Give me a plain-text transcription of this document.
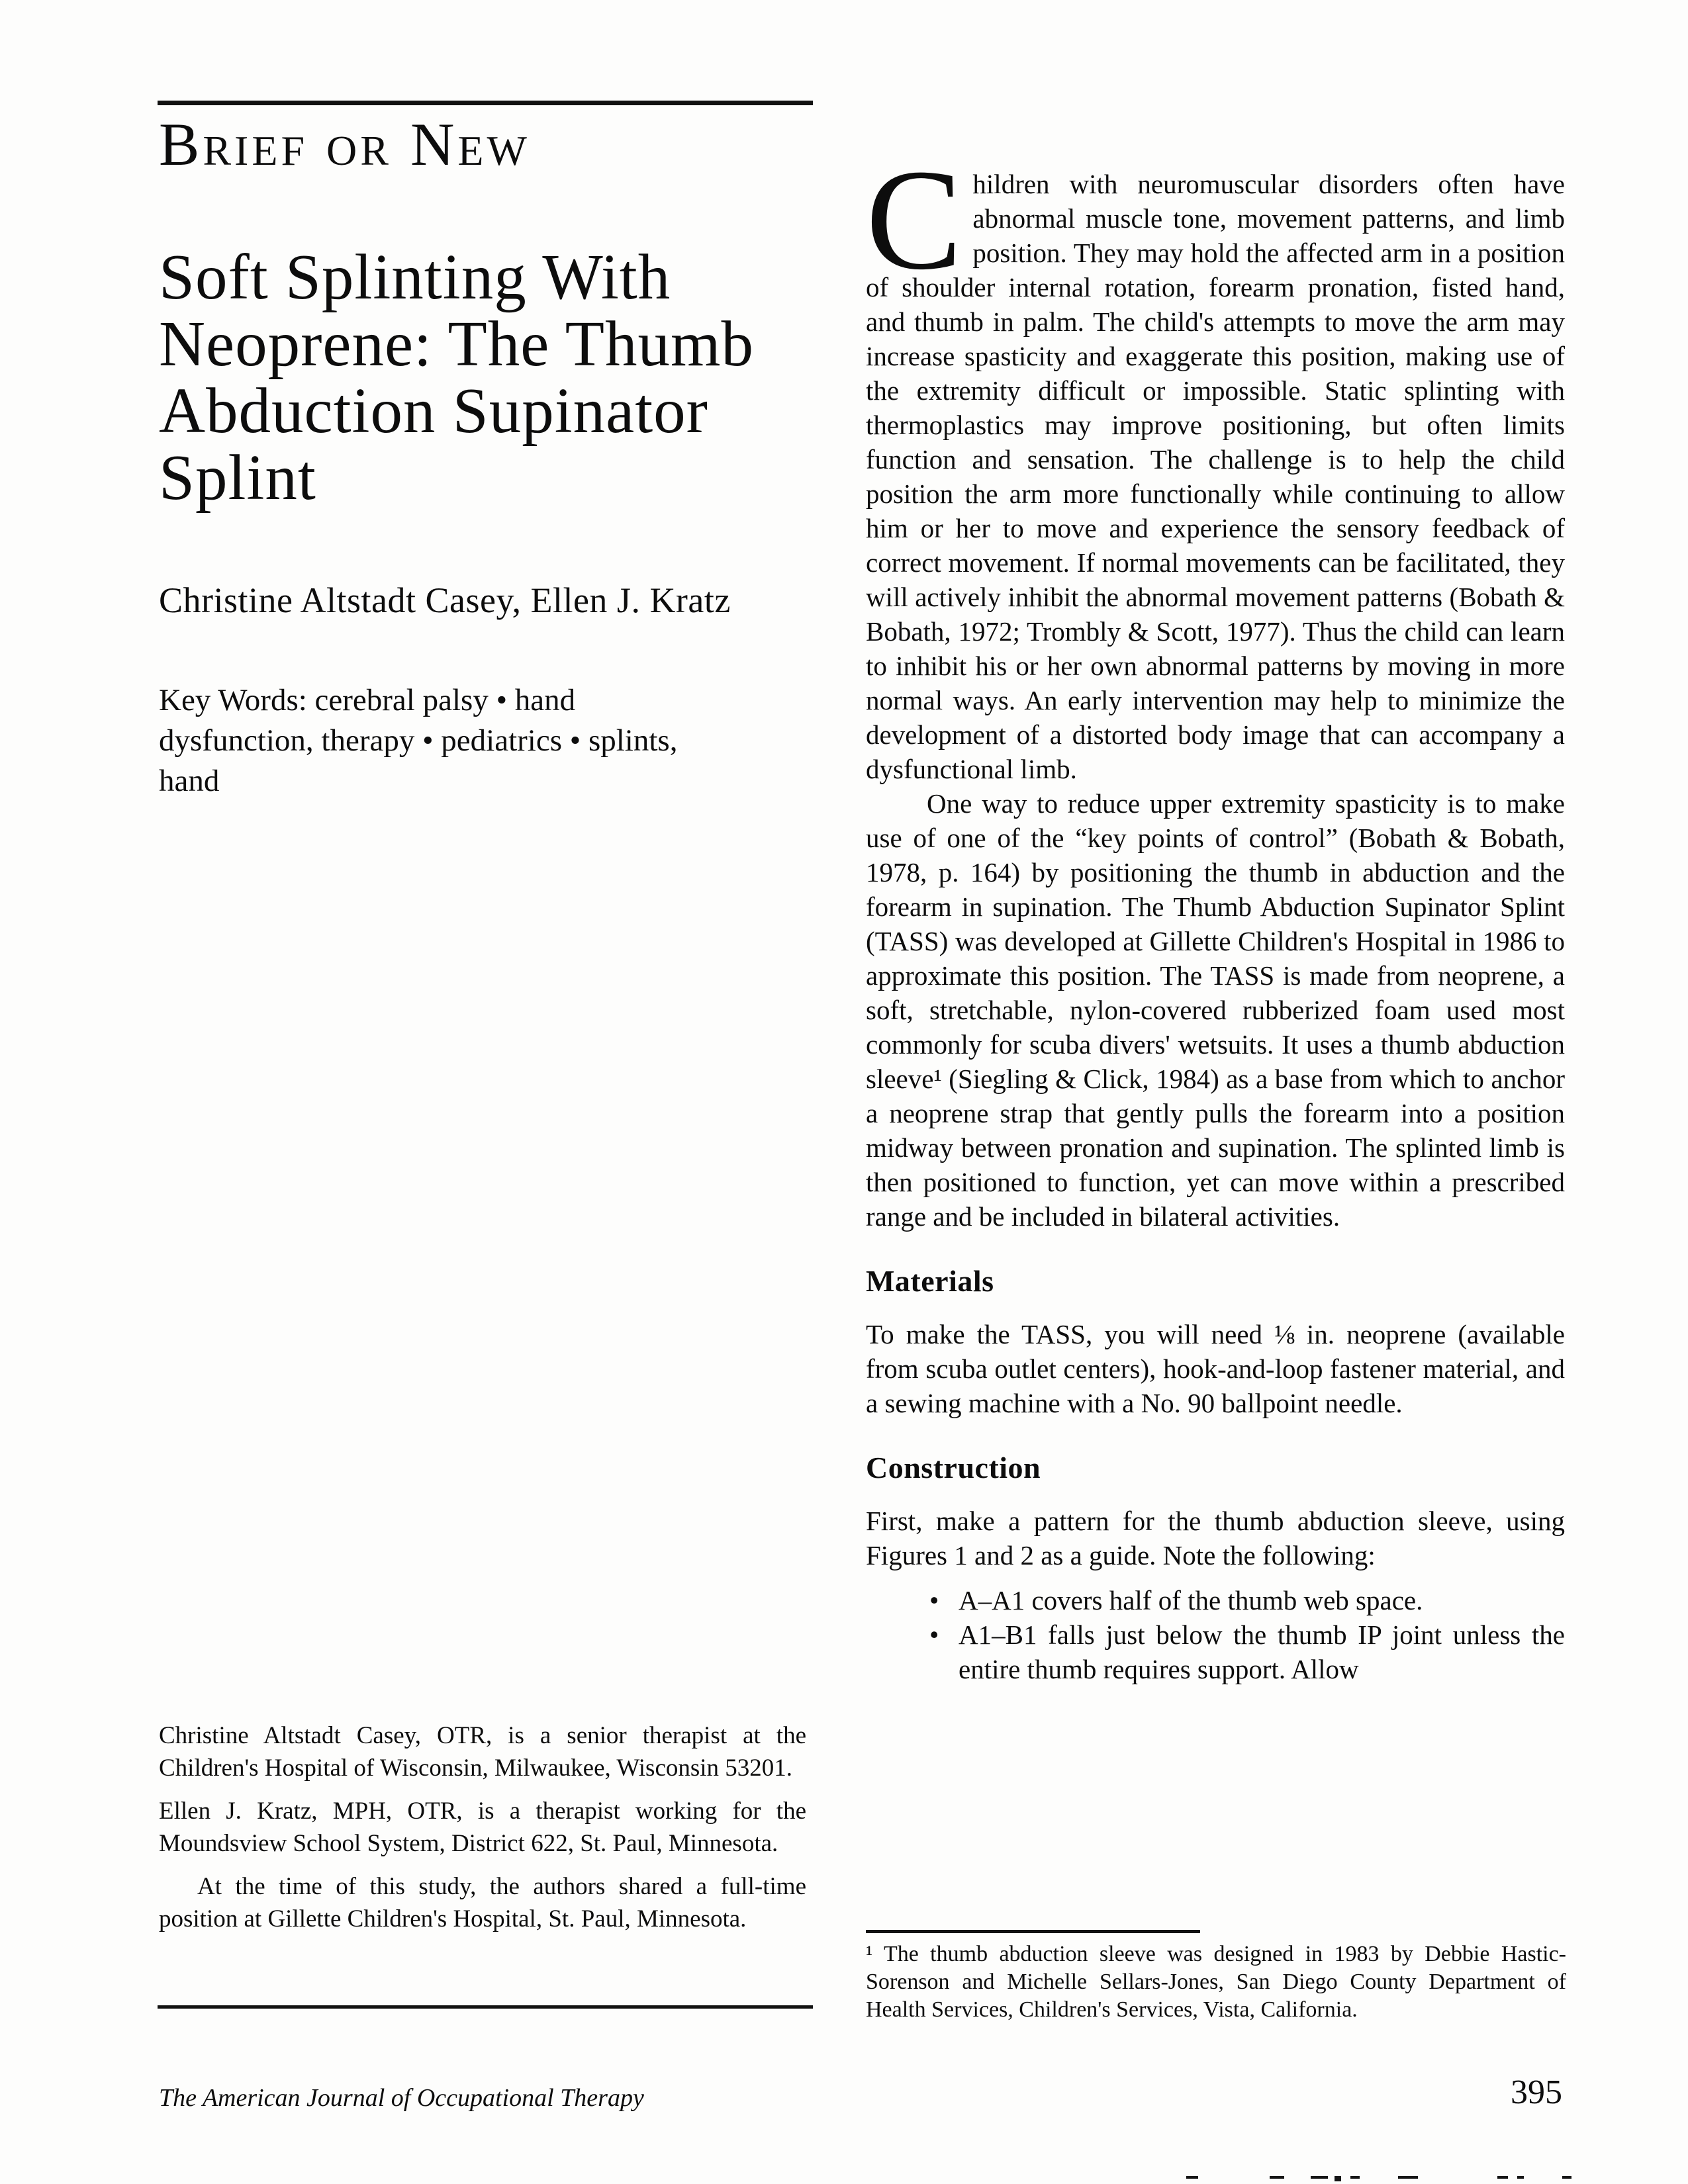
Brief or New
Soft Splinting With
Neoprene: The Thumb
Abduction Supinator
Splint
Christine Altstadt Casey, Ellen J. Kratz
Key Words: cerebral palsy • hand
dysfunction, therapy • pediatrics • splints,
hand

Christine Altstadt Casey, OTR, is a senior therapist at the Children's Hospital of Wisconsin, Milwaukee, Wisconsin 53201.

Ellen J. Kratz, MPH, OTR, is a therapist working for the Moundsview School System, District 622, St. Paul, Minnesota.

At the time of this study, the authors shared a full-time position at Gillette Children's Hospital, St. Paul, Minnesota.

Children with neuromuscular disorders often have abnormal muscle tone, movement patterns, and limb position. They may hold the affected arm in a position of shoulder internal rotation, forearm pronation, fisted hand, and thumb in palm. The child's attempts to move the arm may increase spasticity and exaggerate this position, making use of the extremity difficult or impossible. Static splinting with thermoplastics may improve positioning, but often limits function and sensation. The challenge is to help the child position the arm more functionally while continuing to allow him or her to move and experience the sensory feedback of correct movement. If normal movements can be facilitated, they will actively inhibit the abnormal movement patterns (Bobath & Bobath, 1972; Trombly & Scott, 1977). Thus the child can learn to inhibit his or her own abnormal patterns by moving in more normal ways. An early intervention may help to minimize the development of a distorted body image that can accompany a dysfunctional limb.

One way to reduce upper extremity spasticity is to make use of one of the “key points of control” (Bobath & Bobath, 1978, p. 164) by positioning the thumb in abduction and the forearm in supination. The Thumb Abduction Supinator Splint (TASS) was developed at Gillette Children's Hospital in 1986 to approximate this position. The TASS is made from neoprene, a soft, stretchable, nylon-covered rubberized foam used most commonly for scuba divers' wetsuits. It uses a thumb abduction sleeve¹ (Siegling & Click, 1984) as a base from which to anchor a neoprene strap that gently pulls the forearm into a position midway between pronation and supination. The splinted limb is then positioned to function, yet can move within a prescribed range and be included in bilateral activities.

Materials

To make the TASS, you will need ⅛ in. neoprene (available from scuba outlet centers), hook-and-loop fastener material, and a sewing machine with a No. 90 ballpoint needle.

Construction

First, make a pattern for the thumb abduction sleeve, using Figures 1 and 2 as a guide. Note the following:

• A–A1 covers half of the thumb web space.
• A1–B1 falls just below the thumb IP joint unless the entire thumb requires support. Allow
¹ The thumb abduction sleeve was designed in 1983 by Debbie Hastic-Sorenson and Michelle Sellars-Jones, San Diego County Department of Health Services, Children's Services, Vista, California.
The American Journal of Occupational Therapy	395
